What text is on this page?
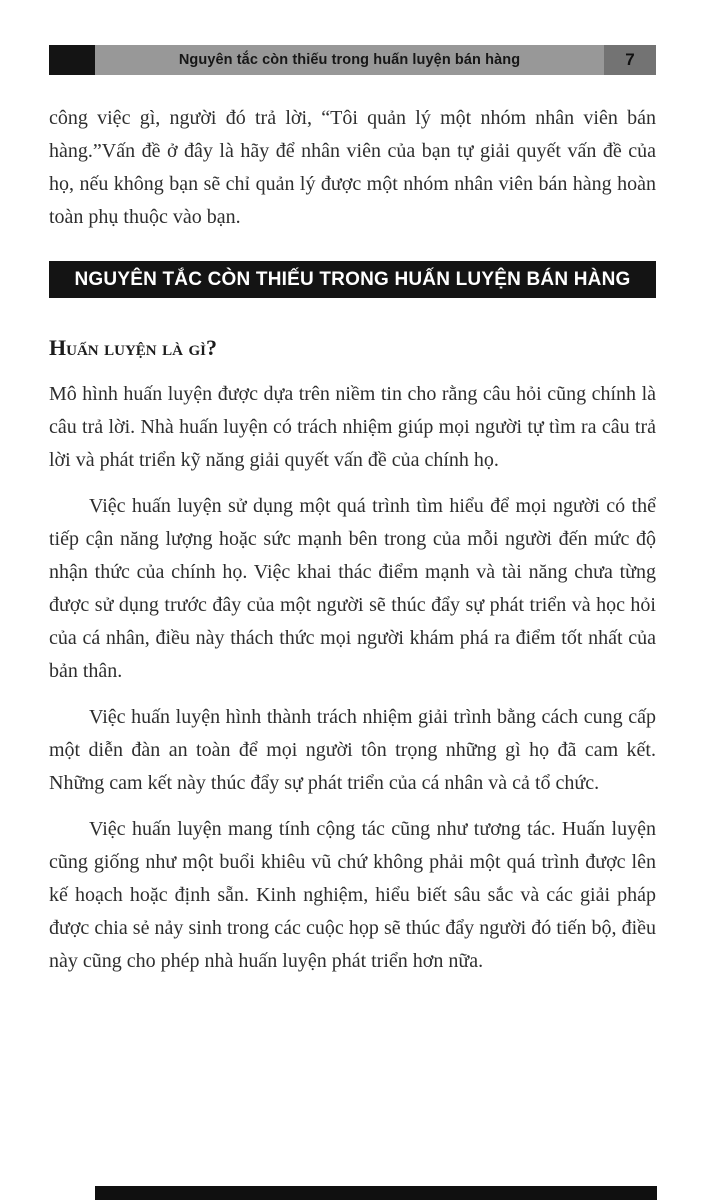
Nguyên tắc còn thiếu trong huấn luyện bán hàng	7

công việc gì, người đó trả lời, “Tôi quản lý một nhóm nhân viên bán hàng.”Vấn đề ở đây là hãy để nhân viên của bạn tự giải quyết vấn đề của họ, nếu không bạn sẽ chỉ quản lý được một nhóm nhân viên bán hàng hoàn toàn phụ thuộc vào bạn.

NGUYÊN TẮC CÒN THIẾU TRONG HUẤN LUYỆN BÁN HÀNG
Huấn luyện là gì?

Mô hình huấn luyện được dựa trên niềm tin cho rằng câu hỏi cũng chính là câu trả lời. Nhà huấn luyện có trách nhiệm giúp mọi người tự tìm ra câu trả lời và phát triển kỹ năng giải quyết vấn đề của chính họ.

Việc huấn luyện sử dụng một quá trình tìm hiểu để mọi người có thể tiếp cận năng lượng hoặc sức mạnh bên trong của mỗi người đến mức độ nhận thức của chính họ. Việc khai thác điểm mạnh và tài năng chưa từng được sử dụng trước đây của một người sẽ thúc đẩy sự phát triển và học hỏi của cá nhân, điều này thách thức mọi người khám phá ra điểm tốt nhất của bản thân.

Việc huấn luyện hình thành trách nhiệm giải trình bằng cách cung cấp một diễn đàn an toàn để mọi người tôn trọng những gì họ đã cam kết. Những cam kết này thúc đẩy sự phát triển của cá nhân và cả tổ chức.

Việc huấn luyện mang tính cộng tác cũng như tương tác. Huấn luyện cũng giống như một buổi khiêu vũ chứ không phải một quá trình được lên kế hoạch hoặc định sẵn. Kinh nghiệm, hiểu biết sâu sắc và các giải pháp được chia sẻ nảy sinh trong các cuộc họp sẽ thúc đẩy người đó tiến bộ, điều này cũng cho phép nhà huấn luyện phát triển hơn nữa.
